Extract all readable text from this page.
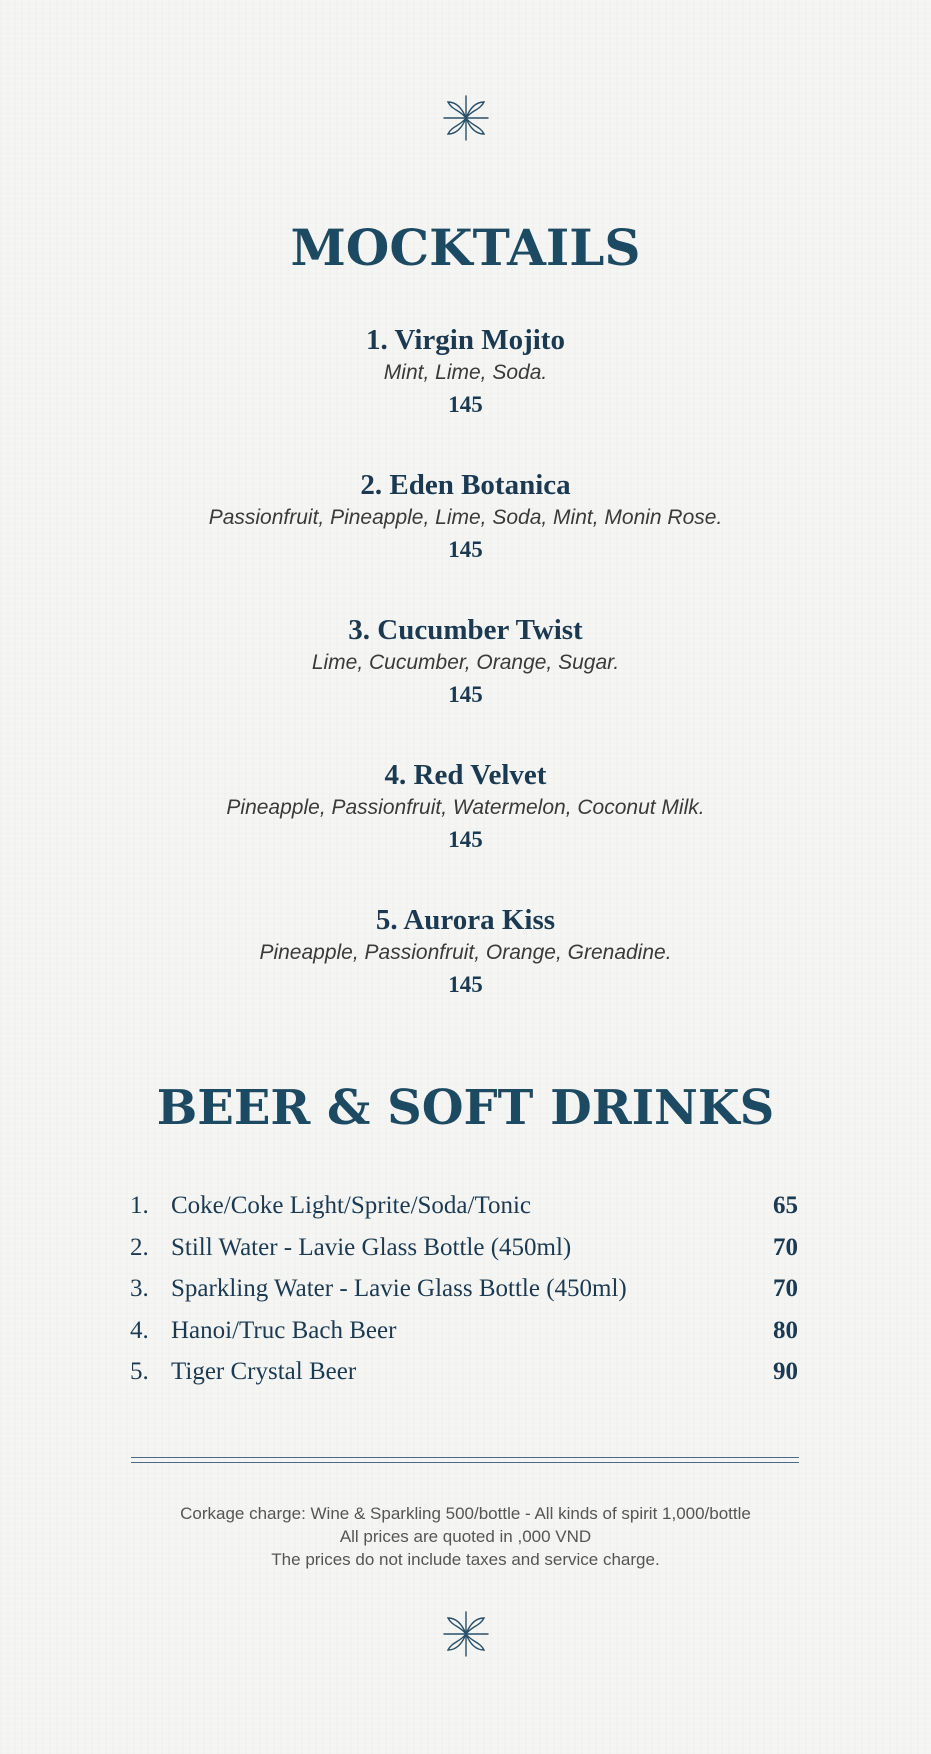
MOCKTAILS
1. Virgin Mojito
Mint, Lime, Soda.
145
2. Eden Botanica
Passionfruit, Pineapple, Lime, Soda, Mint, Monin Rose.
145
3. Cucumber Twist
Lime, Cucumber, Orange, Sugar.
145
4. Red Velvet
Pineapple, Passionfruit, Watermelon, Coconut Milk.
145
5. Aurora Kiss
Pineapple, Passionfruit, Orange, Grenadine.
145
BEER & SOFT DRINKS
1. Coke/Coke Light/Sprite/Soda/Tonic	65
2. Still Water - Lavie Glass Bottle (450ml)	70
3. Sparkling Water - Lavie Glass Bottle (450ml)	70
4. Hanoi/Truc Bach Beer	80
5. Tiger Crystal Beer	90
Corkage charge: Wine & Sparkling 500/bottle - All kinds of spirit 1,000/bottle
All prices are quoted in ,000 VND
The prices do not include taxes and service charge.
